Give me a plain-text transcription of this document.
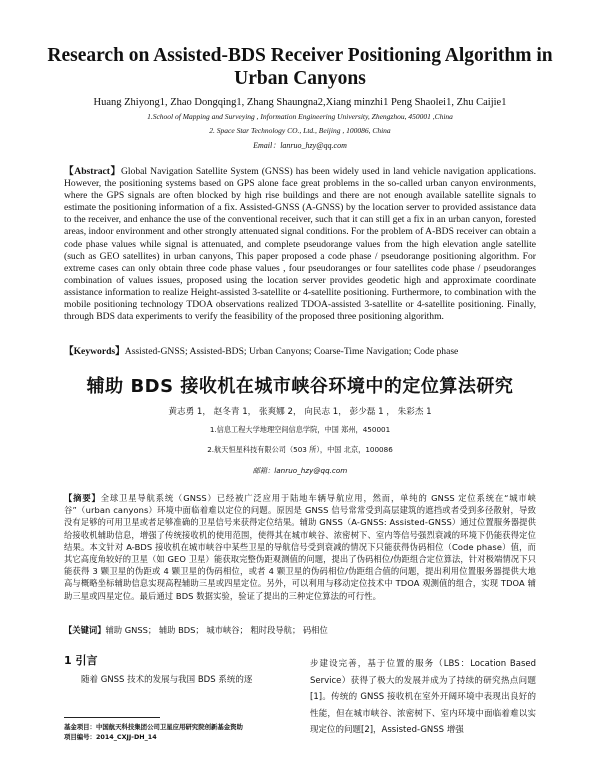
Research on Assisted-BDS Receiver Positioning Algorithm in Urban Canyons
Huang Zhiyong1, Zhao Dongqing1, Zhang Shaungna2,Xiang minzhi1 Peng Shaolei1, Zhu Caijie1
1.School of Mapping and Surveying , Information Engineering University, Zhengzhou, 450001 ,China
2. Space Star Technology CO., Ltd., Beijing , 100086, China
Email：lanruo_hzy@qq.com
【Abstract】Global Navigation Satellite System (GNSS) has been widely used in land vehicle navigation applications. However, the positioning systems based on GPS alone face great problems in the so-called urban canyon environments, where the GPS signals are often blocked by high rise buildings and there are not enough available satellite signals to estimate the positioning information of a fix. Assisted-GNSS (A-GNSS) by the location server to provided assistance data to the receiver, and enhance the use of the conventional receiver, such that it can still get a fix in an urban canyon, forested areas, indoor environment and other strongly attenuated signal conditions. For the problem of A-BDS receiver can obtain a code phase values while signal is attenuated, and complete pseudorange values from the high elevation angle satellite (such as GEO satellites) in urban canyons, This paper proposed a code phase / pseudorange positioning algorithm. For extreme cases can only obtain three code phase values , four pseudoranges or four satellites code phase / pseudoranges combination of values issues, proposed using the location server provides geodetic high and approximate coordinate assistance information to realize Height-assisted 3-satellite or 4-satellite positioning. Furthermore, to combination with the mobile positioning technology TDOA observations realized TDOA-assisted 3-satellite or 4-satellite positioning. Finally, through BDS data experiments to verify the feasibility of the proposed three positioning algorithm.
【Keywords】Assisted-GNSS; Assisted-BDS; Urban Canyons; Coarse-Time Navigation; Code phase
辅助 BDS 接收机在城市峡谷环境中的定位算法研究
黄志勇 1， 赵冬青 1， 张爽娜 2， 向民志 1， 彭少磊 1 ， 朱彩杰 1
1.信息工程大学地理空间信息学院，中国 郑州，450001
2.航天恒星科技有限公司（503 所），中国 北京，100086
邮箱：lanruo_hzy@qq.com
【摘要】全球卫星导航系统（GNSS）已经被广泛应用于陆地车辆导航应用，然而，单纯的 GNSS 定位系统在“城市峡谷”（urban canyons）环境中面临着难以定位的问题。原因是 GNSS 信号常常受到高层建筑的遮挡或者受到多径散射，导致没有足够的可用卫星或者足够准确的卫星信号来获得定位结果。辅助 GNSS（A-GNSS: Assisted-GNSS）通过位置服务器提供给接收机辅助信息，增强了传统接收机的使用范围，使得其在城市峡谷、浓密树下、室内等信号强烈衰减的环境下仍能获得定位结果。本文针对 A-BDS 接收机在城市峡谷中某些卫星的导航信号受到衰减的情况下只能获得伪码相位（Code phase）值，而其它高度角较好的卫星（如 GEO 卫星）能获取完整伪距观测值的问题，提出了伪码相位/伪距组合定位算法，针对极端情况下只能获得 3 颗卫星的伪距或 4 颗卫星的伪码相位，或者 4 颗卫星的伪码相位/伪距组合值的问题，提出利用位置服务器提供大地高与概略坐标辅助信息实现高程辅助三星或四星定位。另外，可以利用与移动定位技术中 TDOA 观测值的组合，实现 TDOA 辅助三星或四星定位。最后通过 BDS 数据实验，验证了提出的三种定位算法的可行性。
【关键词】辅助 GNSS； 辅助 BDS； 城市峡谷； 粗时段导航； 码相位
1 引言
随着 GNSS 技术的发展与我国 BDS 系统的逐
步建设完善，基于位置的服务（LBS：Location Based Service）获得了极大的发展并成为了持续的研究热点问题[1]。传统的 GNSS 接收机在室外开阔环境中表现出良好的性能，但在城市峡谷、浓密树下、室内环境中面临着难以实现定位的问题[2]，Assisted-GNSS 增强
基金项目：中国航天科技集团公司卫星应用研究院创新基金资助
项目编号：2014_CXJJ-DH_14
